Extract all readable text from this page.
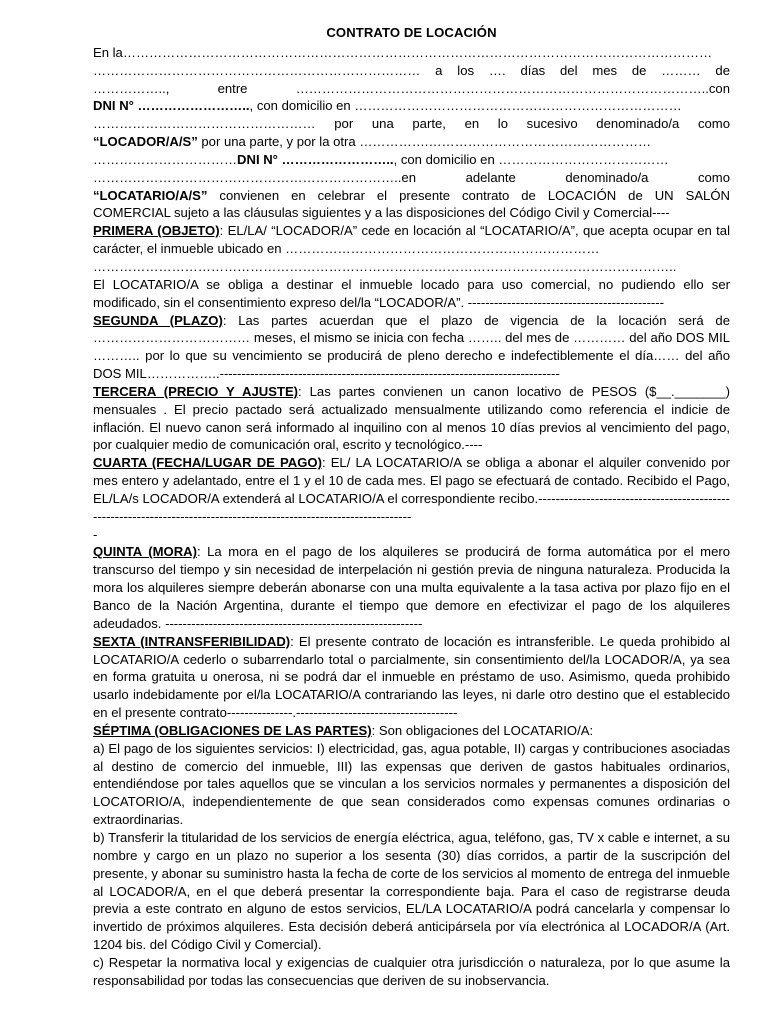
CONTRATO DE LOCACIÓN

En la………………………………………………………………………………………………………………………

………………………………………………………………… a los …. días del mes de ……… de

…………….., entre …………………………………………………………………………………..con

DNI N° …………………….., con domicilio en …………………………………………………………………

…………………………………………… por una parte, en lo sucesivo denominado/a como

“LOCADOR/A/S” por una parte, y por la otra …………….……………………………………………

……………………………DNI N° …………………….., con domicilio en …………………………………

……………………………………………………………..en adelante denominado/a como

“LOCATARIO/A/S” convienen en celebrar el presente contrato de LOCACIÓN de UN SALÓN

COMERCIAL sujeto a las cláusulas siguientes y a las disposiciones del Código Civil y Comercial----

PRIMERA (OBJETO): EL/LA/ “LOCADOR/A” cede en locación al “LOCATARIO/A”, que acepta ocupar en tal carácter, el inmueble ubicado en ………………………………………………………………

……………………………………………………………………………………………………………………..

El LOCATARIO/A se obliga a destinar el inmueble locado para uso comercial, no pudiendo ello ser modificado, sin el consentimiento expreso del/la “LOCADOR/A”. ---------------------------------------------

SEGUNDA (PLAZO): Las partes acuerdan que el plazo de vigencia de la locación será de ……………………………… meses, el mismo se inicia con fecha …….. del mes de ………… del año DOS MIL ……….. por lo que su vencimiento se producirá de pleno derecho e indefectiblemente el día…… del año DOS MIL……………..------------------------------------------------------------------------------

TERCERA (PRECIO Y AJUSTE): Las partes convienen un canon locativo de PESOS ($__._______) mensuales . El precio pactado será actualizado mensualmente utilizando como referencia el indicie de inflación. El nuevo canon será informado al inquilino con al menos 10 días previos al vencimiento del pago, por cualquier medio de comunicación oral, escrito y tecnológico.----

CUARTA (FECHA/LUGAR DE PAGO): EL/ LA LOCATARIO/A se obliga a abonar el alquiler convenido por mes entero y adelantado, entre el 1 y el 10 de cada mes. El pago se efectuará de contado. Recibido el Pago, EL/LA/s LOCADOR/A extenderá al LOCATARIO/A el correspondiente recibo.---------------------------------------------------------------------------------------------------------------------

-

QUINTA (MORA): La mora en el pago de los alquileres se producirá de forma automática por el mero transcurso del tiempo y sin necesidad de interpelación ni gestión previa de ninguna naturaleza. Producida la mora los alquileres siempre deberán abonarse con una multa equivalente a la tasa activa por plazo fijo en el Banco de la Nación Argentina, durante el tiempo que demore en efectivizar el pago de los alquileres adeudados. -----------------------------------------------------------

SEXTA (INTRANSFERIBILIDAD): El presente contrato de locación es intransferible. Le queda prohibido al LOCATARIO/A cederlo o subarrendarlo total o parcialmente, sin consentimiento del/la LOCADOR/A, ya sea en forma gratuita u onerosa, ni se podrá dar el inmueble en préstamo de uso. Asimismo, queda prohibido usarlo indebidamente por el/la LOCATARIO/A contrariando las leyes, ni darle otro destino que el establecido en el presente contrato---------------.-------------------------------------

SÉPTIMA (OBLIGACIONES DE LAS PARTES): Son obligaciones del LOCATARIO/A:

a) El pago de los siguientes servicios: I) electricidad, gas, agua potable, II) cargas y contribuciones asociadas al destino de comercio del inmueble, III) las expensas que deriven de gastos habituales ordinarios, entendiéndose por tales aquellos que se vinculan a los servicios normales y permanentes a disposición del LOCATORIO/A, independientemente de que sean considerados como expensas comunes ordinarias o extraordinarias.

b) Transferir la titularidad de los servicios de energía eléctrica, agua, teléfono, gas, TV x cable e internet, a su nombre y cargo en un plazo no superior a los sesenta (30) días corridos, a partir de la suscripción del presente, y abonar su suministro hasta la fecha de corte de los servicios al momento de entrega del inmueble al LOCADOR/A, en el que deberá presentar la correspondiente baja. Para el caso de registrarse deuda previa a este contrato en alguno de estos servicios, EL/LA LOCATARIO/A podrá cancelarla y compensar lo invertido de próximos alquileres. Esta decisión deberá anticipársela por vía electrónica al LOCADOR/A (Art. 1204 bis. del Código Civil y Comercial).

c) Respetar la normativa local y exigencias de cualquier otra jurisdicción o naturaleza, por lo que asume la responsabilidad por todas las consecuencias que deriven de su inobservancia.
